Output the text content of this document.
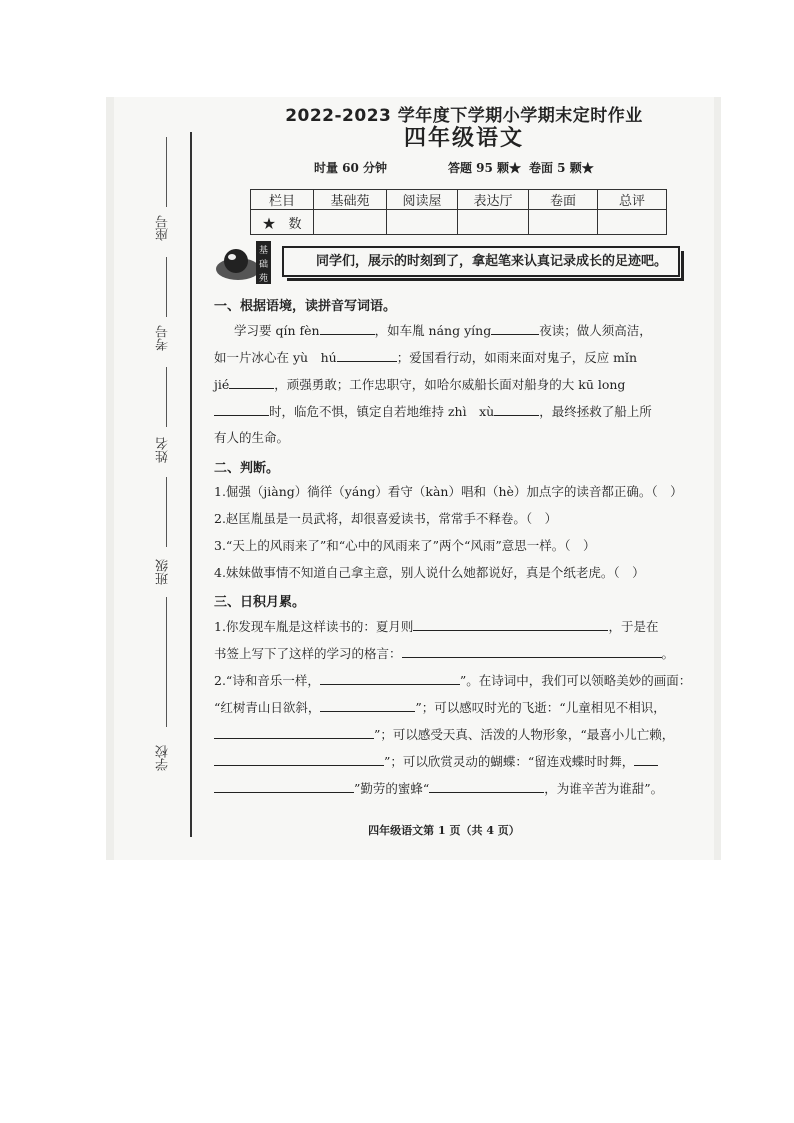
座号
考号
姓名
班级
学校
2022-2023 学年度下学期小学期末定时作业
四年级语文
时量 60 分钟	答题 95 颗★ 卷面 5 颗★
栏目	基础苑	阅读屋	表达厅	卷面	总评
★　数					
基
础
苑
同学们，展示的时刻到了，拿起笔来认真记录成长的足迹吧。
一、根据语境，读拼音写词语。
学习要 qín fèn	，如车胤 náng yíng	夜读；做人须高洁，
如一片冰心在 yù　hú	；爱国看行动，如雨来面对鬼子，反应 mǐn
jié	，顽强勇敢；工作忠职守，如哈尔威船长面对船身的大 kū long
时，临危不惧，镇定自若地维持 zhì　xù	，最终拯救了船上所
有人的生命。
二、判断。
1.倔强（jiàng）徜徉（yáng）看守（kàn）唱和（hè）加点字的读音都正确。（　）
2.赵匡胤虽是一员武将，却很喜爱读书，常常手不释卷。（　）
3.“天上的风雨来了”和“心中的风雨来了”两个“风雨”意思一样。（　）
4.妹妹做事情不知道自己拿主意，别人说什么她都说好，真是个纸老虎。（　）
三、日积月累。
1.你发现车胤是这样读书的：夏月则	，于是在
书签上写下了这样的学习的格言：	。
2.“诗和音乐一样，	”。在诗词中，我们可以领略美妙的画面：
“红树青山日欲斜，	”；可以感叹时光的飞逝：“儿童相见不相识，
”；可以感受天真、活泼的人物形象，“最喜小儿亡赖，
”；可以欣赏灵动的蝴蝶：“留连戏蝶时时舞，
”勤劳的蜜蜂“	，为谁辛苦为谁甜”。
四年级语文第 1 页（共 4 页）
